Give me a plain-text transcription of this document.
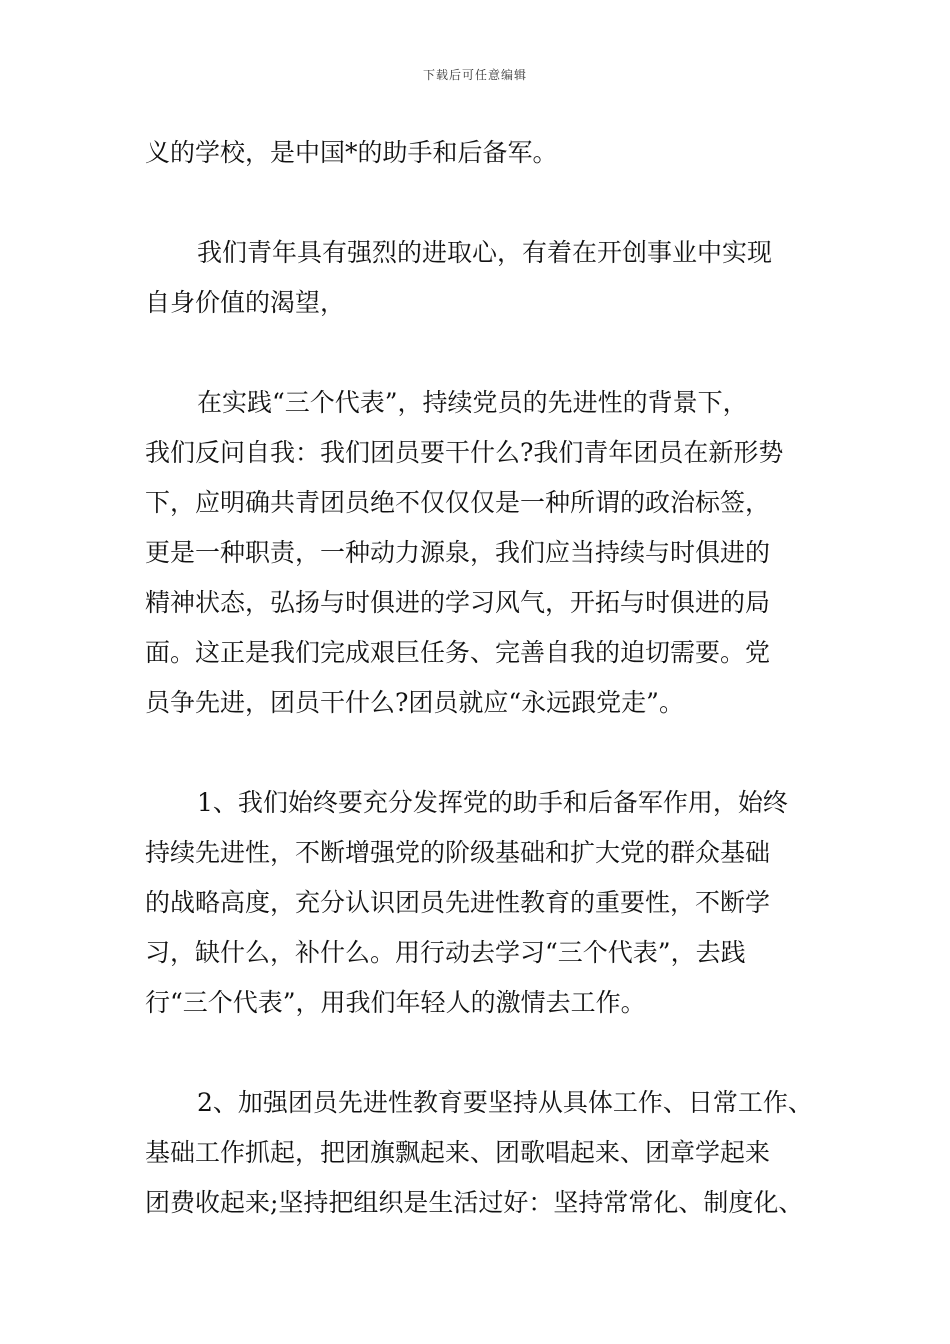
下载后可任意编辑
义的学校，是中国*的助手和后备军。
我们青年具有强烈的进取心，有着在开创事业中实现
自身价值的渴望，
在实践“三个代表”，持续党员的先进性的背景下，
我们反问自我：我们团员要干什么?我们青年团员在新形势
下，应明确共青团员绝不仅仅仅是一种所谓的政治标签，
更是一种职责，一种动力源泉，我们应当持续与时俱进的
精神状态，弘扬与时俱进的学习风气，开拓与时俱进的局
面。这正是我们完成艰巨任务、完善自我的迫切需要。党
员争先进，团员干什么?团员就应“永远跟党走”。
1、我们始终要充分发挥党的助手和后备军作用，始终
持续先进性，不断增强党的阶级基础和扩大党的群众基础
的战略高度，充分认识团员先进性教育的重要性，不断学
习，缺什么，补什么。用行动去学习“三个代表”，去践
行“三个代表”，用我们年轻人的激情去工作。
2、加强团员先进性教育要坚持从具体工作、日常工作、
基础工作抓起，把团旗飘起来、团歌唱起来、团章学起来
团费收起来;坚持把组织是生活过好：坚持常常化、制度化、
